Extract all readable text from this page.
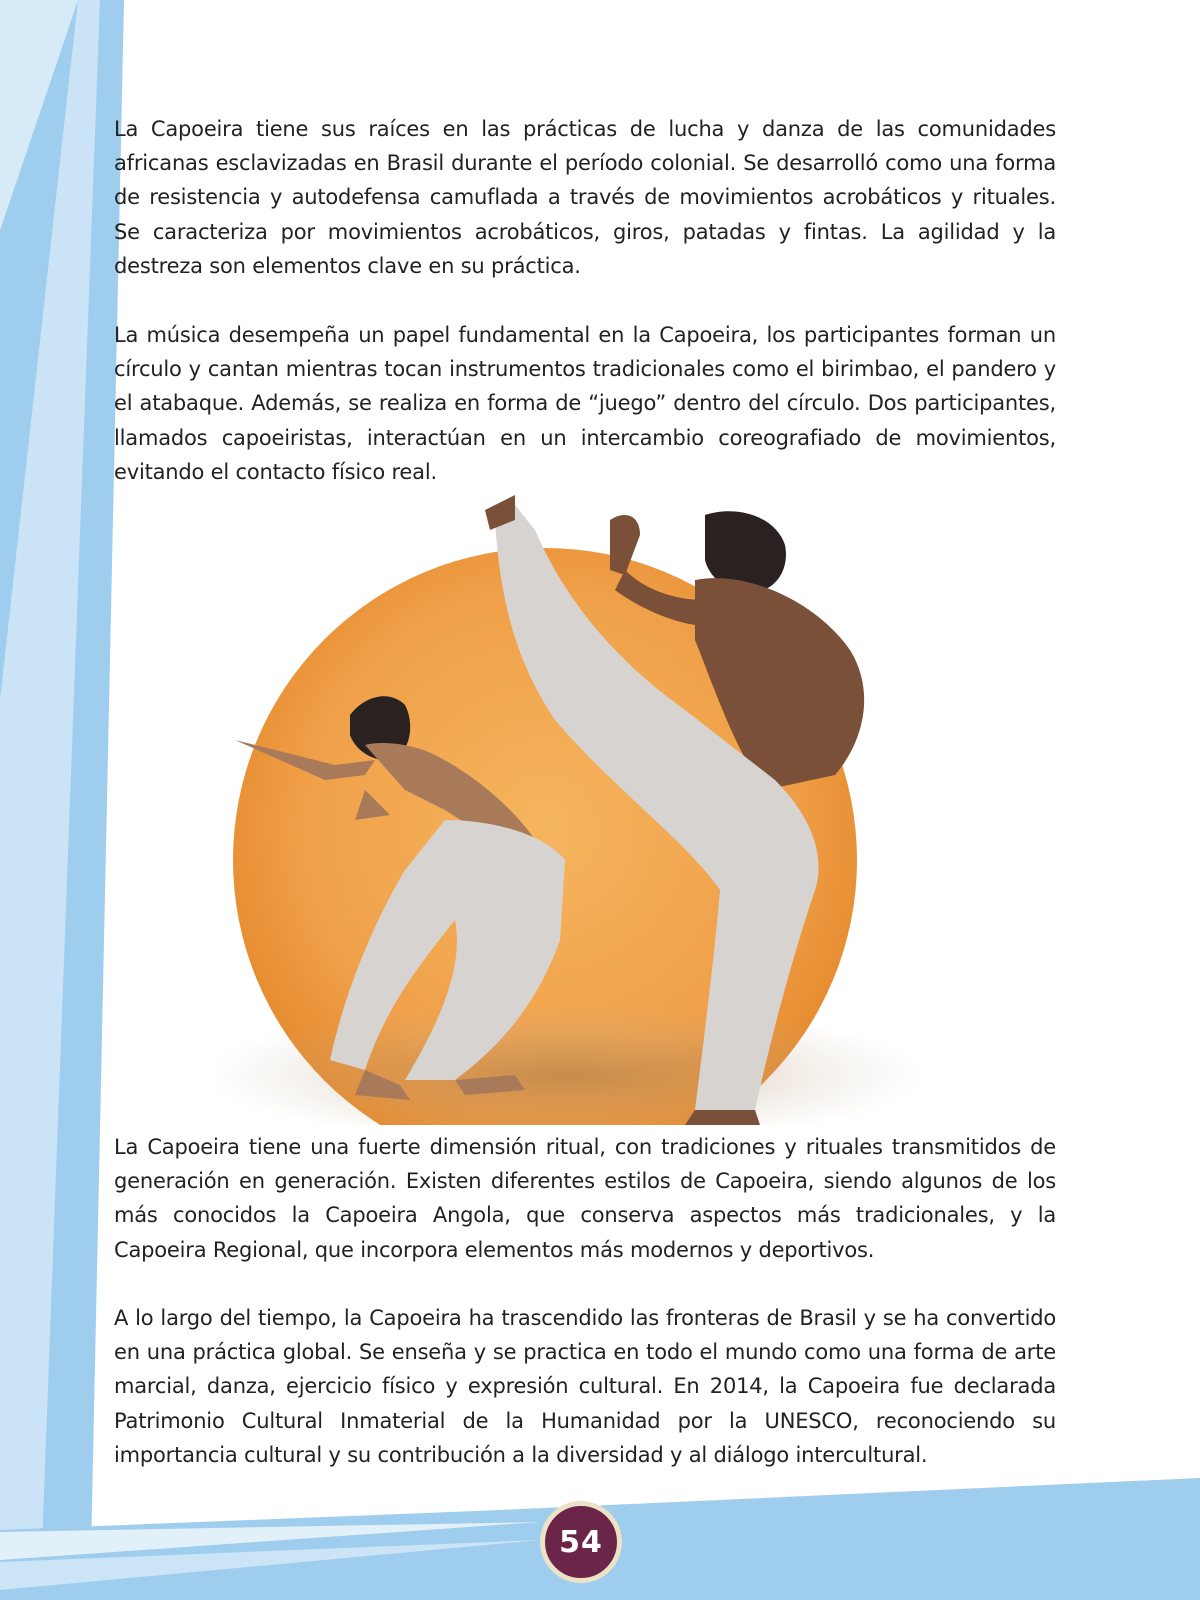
La Capoeira tiene sus raíces en las prácticas de lucha y danza de las comunidades africanas esclavizadas en Brasil durante el período colonial. Se desarrolló como una forma de resistencia y autodefensa camuflada a través de movimientos acrobáticos y rituales. Se caracteriza por movimientos acrobáticos, giros, patadas y fintas. La agilidad y la destreza son elementos clave en su práctica.

La música desempeña un papel fundamental en la Capoeira, los participantes forman un círculo y cantan mientras tocan instrumentos tradicionales como el birimbao, el pandero y el atabaque. Además, se realiza en forma de “juego” dentro del círculo. Dos participantes, llamados capoeiristas, interactúan en un intercambio coreografiado de movimientos, evitando el contacto físico real.

La Capoeira tiene una fuerte dimensión ritual, con tradiciones y rituales transmitidos de generación en generación. Existen diferentes estilos de Capoeira, siendo algunos de los más conocidos la Capoeira Angola, que conserva aspectos más tradicionales, y la Capoeira Regional, que incorpora elementos más modernos y deportivos.

A lo largo del tiempo, la Capoeira ha trascendido las fronteras de Brasil y se ha convertido en una práctica global. Se enseña y se practica en todo el mundo como una forma de arte marcial, danza, ejercicio físico y expresión cultural. En 2014, la Capoeira fue declarada Patrimonio Cultural Inmaterial de la Humanidad por la UNESCO, reconociendo su importancia cultural y su contribución a la diversidad y al diálogo intercultural.

54
